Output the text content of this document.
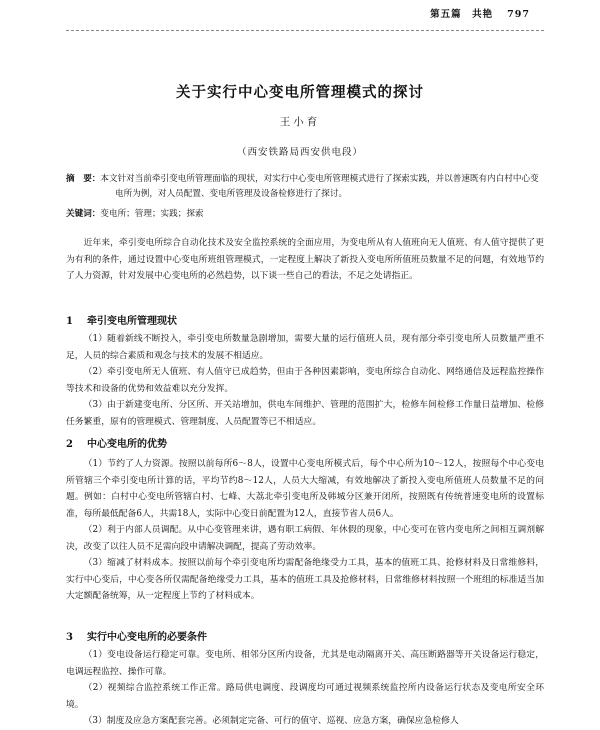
第五篇　共艳 797
关于实行中心变电所管理模式的探讨
王小育
（西安铁路局西安供电段）
摘　要：本文针对当前牵引变电所管理面临的现状，对实行中心变电所管理模式进行了探索实践，并以普速既有内白村中心变电所为例，对人员配置、变电所管理及设备检修进行了探讨。
关键词：变电所；管理；实践；探索

近年来，牵引变电所综合自动化技术及安全监控系统的全面应用，为变电所从有人值班向无人值班、有人值守提供了更为有利的条件，通过设置中心变电所班组管理模式，一定程度上解决了新投入变电所所值班员数量不足的问题，有效地节约了人力资源，针对发展中心变电所的必然趋势，以下谈一些自己的看法，不足之处请指正。

1 牵引变电所管理现状

（1）随着新线不断投入，牵引变电所数量急剧增加，需要大量的运行值班人员，现有部分牵引变电所人员数量严重不足，人员的综合素质和观念与技术的发展不相适应。

（2）牵引变电所无人值班、有人值守已成趋势，但由于各种因素影响，变电所综合自动化、网络通信及远程监控操作等技术和设备的优势和效益难以充分发挥。

（3）由于新建变电所、分区所、开关站增加，供电车间维护、管理的范围扩大，检修车间检修工作量日益增加、检修任务繁重，原有的管理模式、管理制度、人员配置等已不相适应。

2 中心变电所的优势

（1）节约了人力资源。按照以前每所6～8人，设置中心变电所模式后，每个中心所为10～12人，按照每个中心变电所管辖三个牵引变电所计算的话，平均节约8～12人，人员大大缩减，有效地解决了新投入变电所值班人员数量不足的问题。例如：白村中心变电所管辖白村、七峰、大荔北牵引变电所及韩城分区兼开闭所，按照既有传统普速变电所的设置标准，每所最低配备6人，共需18人，实际中心变日前配置为12人，直接节省人员6人。

（2）利于内部人员调配。从中心变管理来讲，遇有职工病假、年休假的现象，中心变可在管内变电所之间相互调剂解决，改变了以往人员不足需向段申请解决调配，提高了劳动效率。

（3）缩减了材料成本。按照以前每个牵引变电所均需配备绝缘受力工具，基本的值班工具、抢修材料及日常维修料，实行中心变后，中心变各所仅需配备绝缘受力工具，基本的值班工具及抢修材料，日常维修材料按照一个班组的标准适当加大定额配备统筹，从一定程度上节约了材料成本。

3 实行中心变电所的必要条件

（1）变电设备运行稳定可靠。变电所、相邻分区所内设备，尤其是电动隔离开关、高压断路器等开关设备运行稳定，电调远程监控、操作可靠。

（2）视频综合监控系统工作正常。路局供电调度、段调度均可通过视频系统监控所内设备运行状态及变电所安全环境。

（3）制度及应急方案配套完善。必须制定完备、可行的值守、巡视、应急方案，确保应急检修人
